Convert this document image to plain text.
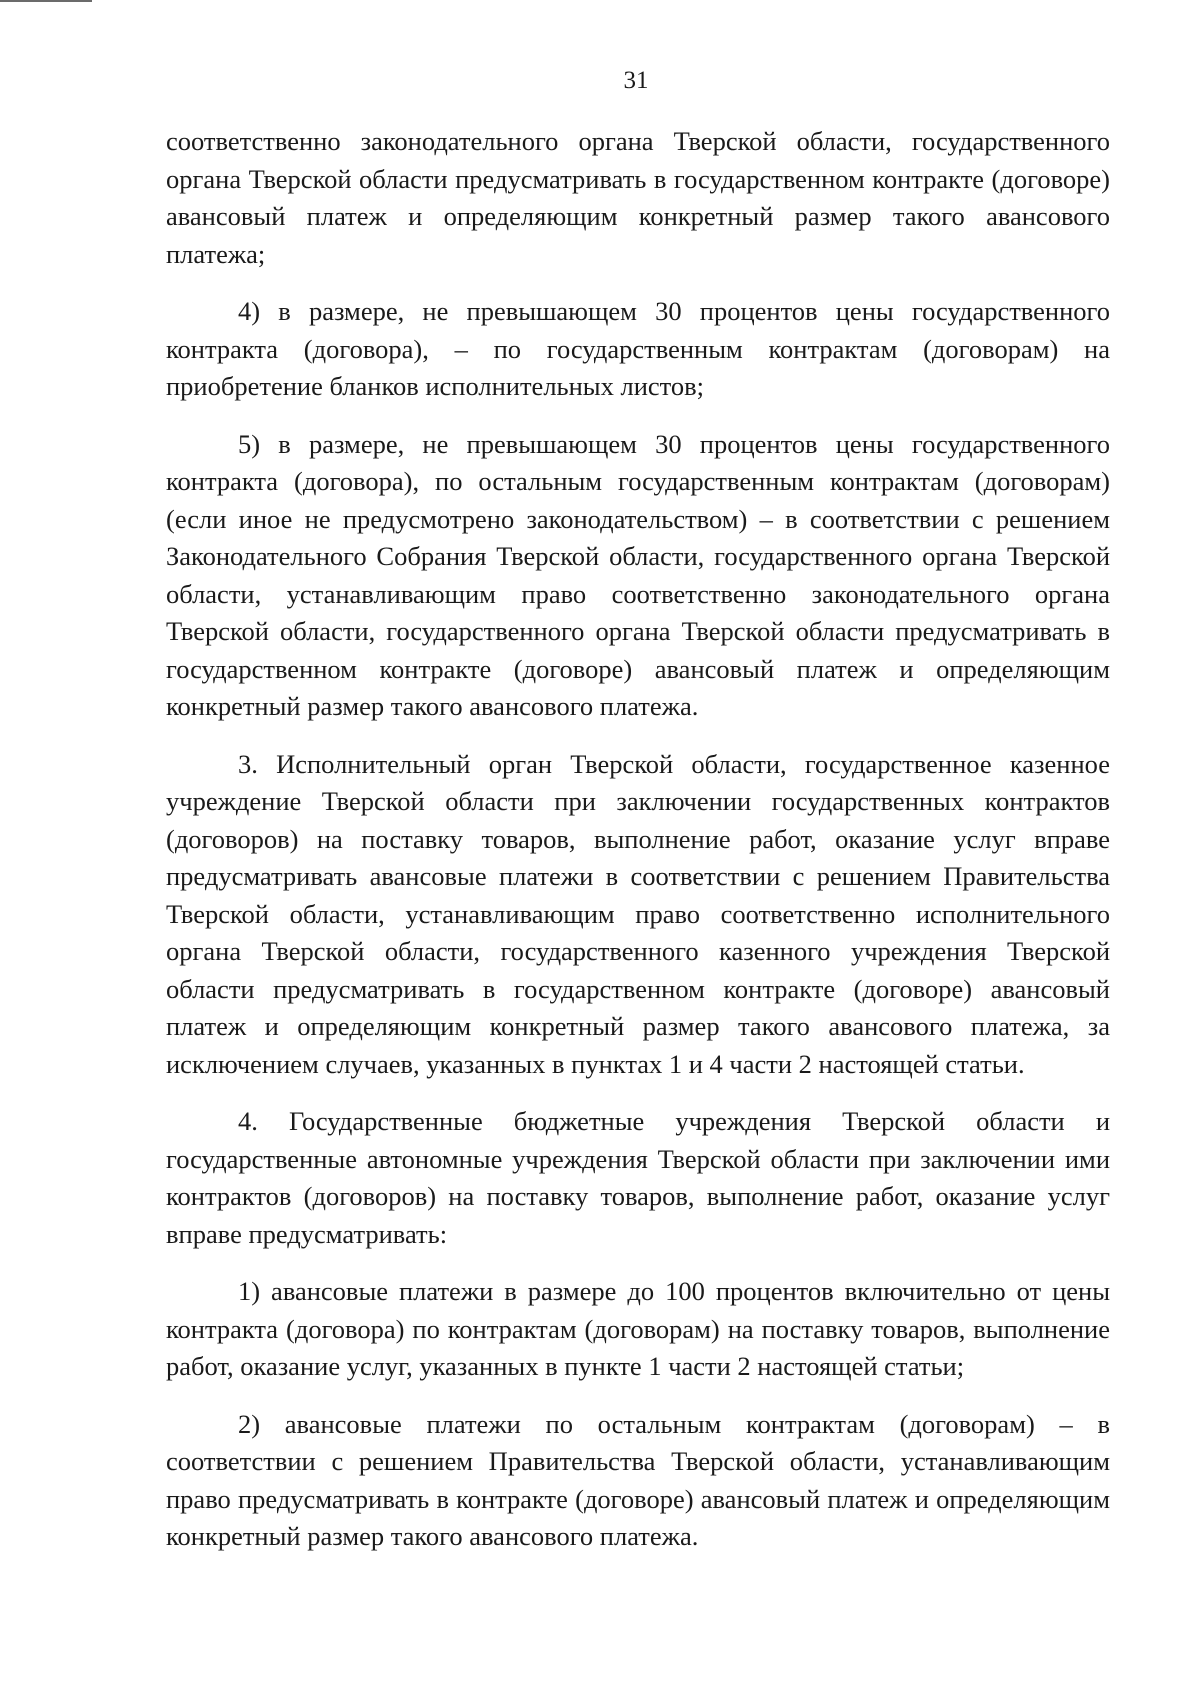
31

соответственно законодательного органа Тверской области, государственного органа Тверской области предусматривать в государственном контракте (договоре) авансовый платеж и определяющим конкретный размер такого авансового платежа;

4) в размере, не превышающем 30 процентов цены государственного контракта (договора), – по государственным контрактам (договорам) на приобретение бланков исполнительных листов;

5) в размере, не превышающем 30 процентов цены государственного контракта (договора), по остальным государственным контрактам (договорам) (если иное не предусмотрено законодательством) – в соответствии с решением Законодательного Собрания Тверской области, государственного органа Тверской области, устанавливающим право соответственно законодательного органа Тверской области, государственного органа Тверской области предусматривать в государственном контракте (договоре) авансовый платеж и определяющим конкретный размер такого авансового платежа.

3. Исполнительный орган Тверской области, государственное казенное учреждение Тверской области при заключении государственных контрактов (договоров) на поставку товаров, выполнение работ, оказание услуг вправе предусматривать авансовые платежи в соответствии с решением Правительства Тверской области, устанавливающим право соответственно исполнительного органа Тверской области, государственного казенного учреждения Тверской области предусматривать в государственном контракте (договоре) авансовый платеж и определяющим конкретный размер такого авансового платежа, за исключением случаев, указанных в пунктах 1 и 4 части 2 настоящей статьи.

4. Государственные бюджетные учреждения Тверской области и государственные автономные учреждения Тверской области при заключении ими контрактов (договоров) на поставку товаров, выполнение работ, оказание услуг вправе предусматривать:

1) авансовые платежи в размере до 100 процентов включительно от цены контракта (договора) по контрактам (договорам) на поставку товаров, выполнение работ, оказание услуг, указанных в пункте 1 части 2 настоящей статьи;

2) авансовые платежи по остальным контрактам (договорам) – в соответствии с решением Правительства Тверской области, устанавливающим право предусматривать в контракте (договоре) авансовый платеж и определяющим конкретный размер такого авансового платежа.
